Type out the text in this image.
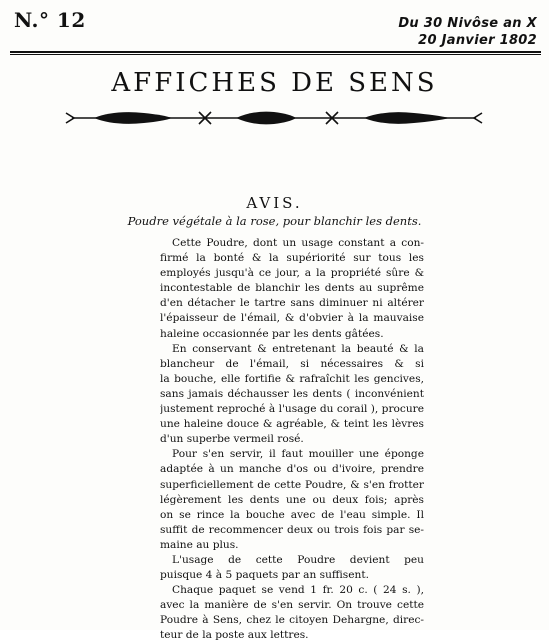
N.° 12	Du 30 Nivôse an X
20 Janvier 1802
AFFICHES DE SENS
AVIS.
Poudre végétale à la rose, pour blanchir les dents.
Cette Poudre, dont un usage constant a con-
firmé la bonté & la supériorité sur tous les
employés jusqu'à ce jour, a la propriété sûre &
incontestable de blanchir les dents au suprême
d'en détacher le tartre sans diminuer ni altérer
l'épaisseur de l'émail, & d'obvier à la mauvaise
haleine occasionnée par les dents gâtées.
En conservant & entretenant la beauté & la
blancheur de l'émail, si nécessaires & si
la bouche, elle fortifie & rafraîchit les gencives,
sans jamais déchausser les dents ( inconvénient
justement reproché à l'usage du corail ), procure
une haleine douce & agréable, & teint les lèvres
d'un superbe vermeil rosé.
Pour s'en servir, il faut mouiller une éponge
adaptée à un manche d'os ou d'ivoire, prendre
superficiellement de cette Poudre, & s'en frotter
légèrement les dents une ou deux fois; après
on se rince la bouche avec de l'eau simple. Il
suffit de recommencer deux ou trois fois par se-
maine au plus.
L'usage de cette Poudre devient peu
puisque 4 à 5 paquets par an suffisent.
Chaque paquet se vend 1 fr. 20 c. ( 24 s. ),
avec la manière de s'en servir. On trouve cette
Poudre à Sens, chez le citoyen Dehargne, direc-
teur de la poste aux lettres.
